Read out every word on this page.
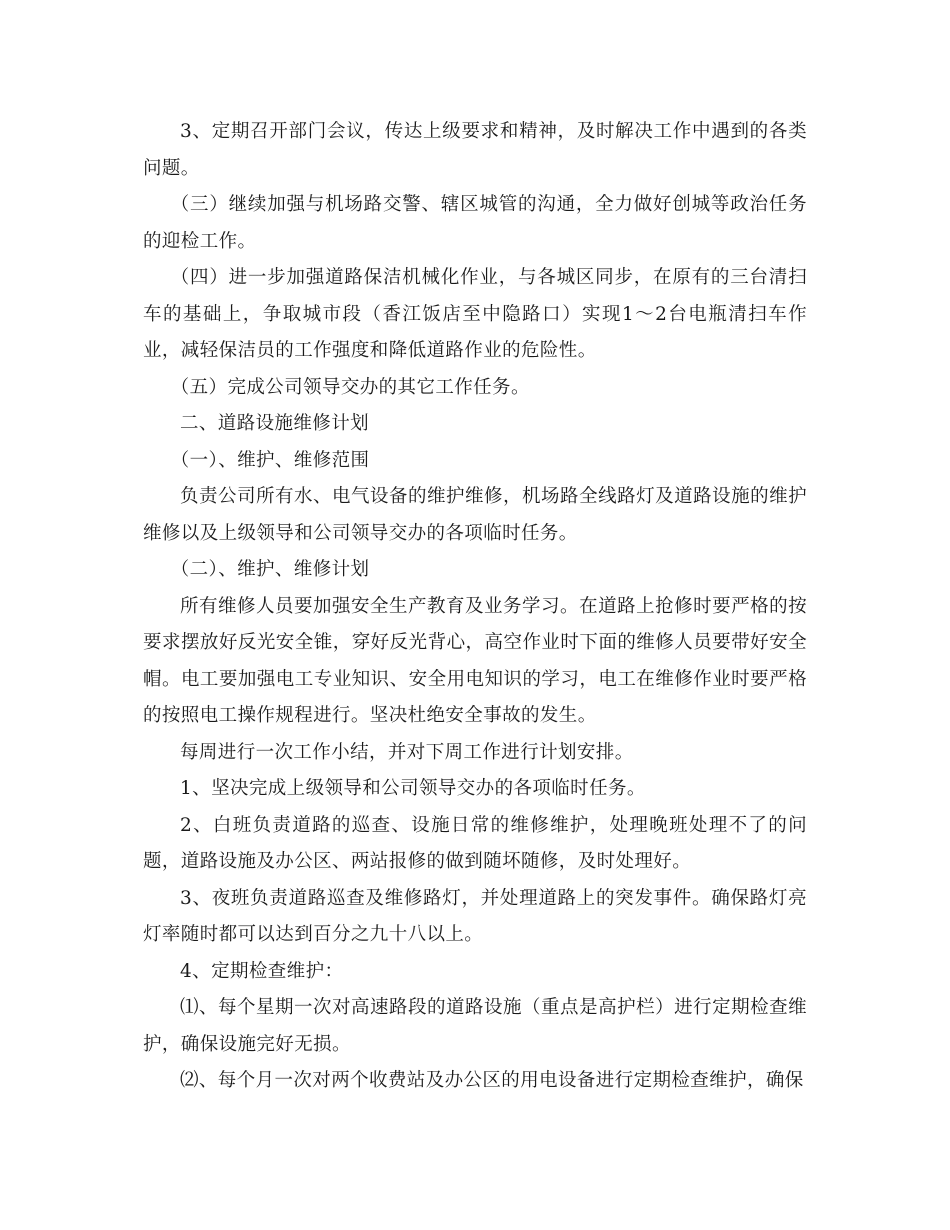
3、定期召开部门会议，传达上级要求和精神，及时解决工作中遇到的各类问题。

（三）继续加强与机场路交警、辖区城管的沟通，全力做好创城等政治任务的迎检工作。

（四）进一步加强道路保洁机械化作业，与各城区同步，在原有的三台清扫车的基础上，争取城市段（香江饭店至中隐路口）实现1～2台电瓶清扫车作业，减轻保洁员的工作强度和降低道路作业的危险性。

（五）完成公司领导交办的其它工作任务。

二、道路设施维修计划

（一）、维护、维修范围

负责公司所有水、电气设备的维护维修，机场路全线路灯及道路设施的维护维修以及上级领导和公司领导交办的各项临时任务。

（二）、维护、维修计划

所有维修人员要加强安全生产教育及业务学习。在道路上抢修时要严格的按要求摆放好反光安全锥，穿好反光背心，高空作业时下面的维修人员要带好安全帽。电工要加强电工专业知识、安全用电知识的学习，电工在维修作业时要严格的按照电工操作规程进行。坚决杜绝安全事故的发生。

每周进行一次工作小结，并对下周工作进行计划安排。

1、坚决完成上级领导和公司领导交办的各项临时任务。

2、白班负责道路的巡查、设施日常的维修维护，处理晚班处理不了的问题，道路设施及办公区、两站报修的做到随坏随修，及时处理好。

3、夜班负责道路巡查及维修路灯，并处理道路上的突发事件。确保路灯亮灯率随时都可以达到百分之九十八以上。

4、定期检查维护：

⑴、每个星期一次对高速路段的道路设施（重点是高护栏）进行定期检查维护，确保设施完好无损。

⑵、每个月一次对两个收费站及办公区的用电设备进行定期检查维护，确保
